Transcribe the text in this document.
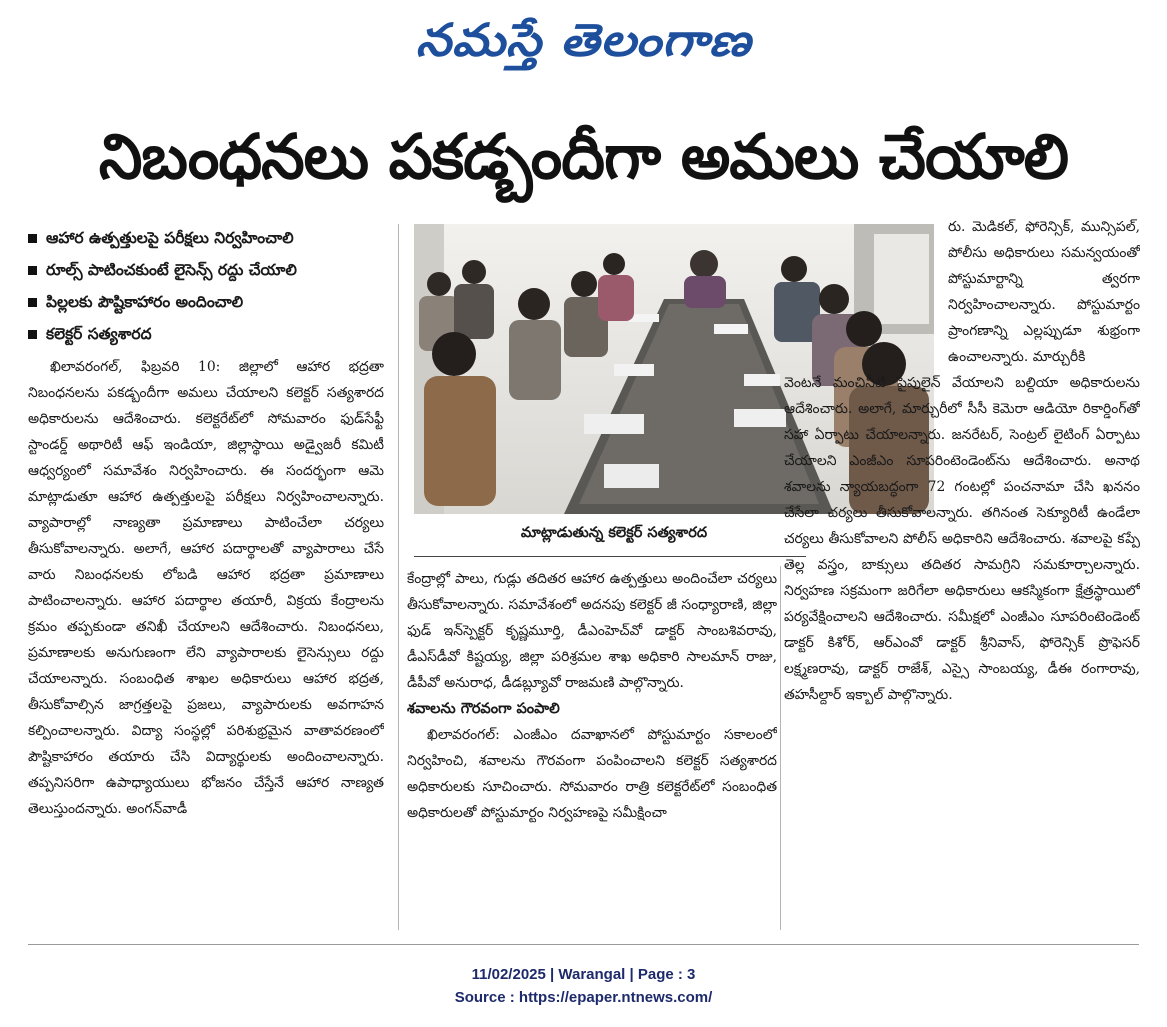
నమస్తే తెలంగాణ
నిబంధనలు పకడ్బందీగా అమలు చేయాలి
ఆహార ఉత్పత్తులపై పరీక్షలు నిర్వహించాలి
రూల్స్ పాటించకుంటే లైసెన్స్ రద్దు చేయాలి
పిల్లలకు పౌష్టికాహారం అందించాలి
కలెక్టర్ సత్యశారద

ఖిలావరంగల్, ఫిబ్రవరి 10: జిల్లాలో ఆహార భద్రతా నిబంధనలను పకడ్బందీగా అమలు చేయాలని కలెక్టర్ సత్యశారద అధికారులను ఆదేశించారు. కలెక్టరేట్‌లో సోమవారం ఫుడ్‌సేఫ్టీ స్టాండర్డ్ అథారిటీ ఆఫ్ ఇండియా, జిల్లాస్థాయి అడ్వైజరీ కమిటీ ఆధ్వర్యంలో సమావేశం నిర్వహించారు. ఈ సందర్భంగా ఆమె మాట్లాడుతూ ఆహార ఉత్పత్తులపై పరీక్షలు నిర్వహించాలన్నారు. వ్యాపారాల్లో నాణ్యతా ప్రమాణాలు పాటించేలా చర్యలు తీసుకోవాలన్నారు. అలాగే, ఆహార పదార్థాలతో వ్యాపారాలు చేసే వారు నిబంధనలకు లోబడి ఆహార భద్రతా ప్రమాణాలు పాటించాలన్నారు. ఆహార పదార్థాల తయారీ, విక్రయ కేంద్రాలను క్రమం తప్పకుండా తనిఖీ చేయాలని ఆదేశించారు. నిబంధనలు, ప్రమాణాలకు అనుగుణంగా లేని వ్యాపారాలకు లైసెన్సులు రద్దు చేయాలన్నారు. సంబంధిత శాఖల అధికారులు ఆహార భద్రత, తీసుకోవాల్సిన జాగ్రత్తలపై ప్రజలు, వ్యాపారులకు అవగాహన కల్పించాలన్నారు. విద్యా సంస్థల్లో పరిశుభ్రమైన వాతావరణంలో పౌష్టికాహారం తయారు చేసి విద్యార్థులకు అందించాలన్నారు. తప్పనిసరిగా ఉపాధ్యాయులు భోజనం చేస్తేనే ఆహార నాణ్యత తెలుస్తుందన్నారు. అంగన్‌వాడీ

మాట్లాడుతున్న కలెక్టర్ సత్యశారద

కేంద్రాల్లో పాలు, గుడ్లు తదితర ఆహార ఉత్పత్తులు అందించేలా చర్యలు తీసుకోవాలన్నారు. సమావేశంలో అదనపు కలెక్టర్ జీ సంధ్యారాణి, జిల్లా ఫుడ్ ఇన్‌స్పెక్టర్ కృష్ణమూర్తి, డీఎంహెచ్‌వో డాక్టర్ సాంబశివరావు, డీఎస్‌డీవో కిష్టయ్య, జిల్లా పరిశ్రమల శాఖ అధికారి సాలమాన్ రాజు, డీపీవో అనురాధ, డీడబ్ల్యూవో రాజమణి పాల్గొన్నారు.

శవాలను గౌరవంగా పంపాలి

ఖిలావరంగల్: ఎంజీఎం దవాఖానలో పోస్టుమార్టం సకాలంలో నిర్వహించి, శవాలను గౌరవంగా పంపించాలని కలెక్టర్ సత్యశారద అధికారులకు సూచించారు. సోమవారం రాత్రి కలెక్టరేట్‌లో సంబంధిత అధికారులతో పోస్టుమార్టం నిర్వహణపై సమీక్షించా

రు. మెడికల్, ఫోరెన్సిక్, మున్సిపల్, పోలీసు అధికారులు సమన్వయంతో పోస్టుమార్టాన్ని త్వరగా నిర్వహించాలన్నారు. పోస్టుమార్టం ప్రాంగణాన్ని ఎల్లప్పుడూ శుభ్రంగా ఉంచాలన్నారు. మార్చురీకి

వెంటనే మంచినీటి పైపులైన్ వేయాలని బల్దియా అధికారులను ఆదేశించారు. అలాగే, మార్చురీలో సీసీ కెమెరా ఆడియో రికార్డింగ్‌తో సహా ఏర్పాటు చేయాలన్నారు. జనరేటర్, సెంట్రల్ లైటింగ్ ఏర్పాటు చేయాలని ఎంజీఎం సూపరింటెండెంట్‌ను ఆదేశించారు. అనాథ శవాలను న్యాయబద్ధంగా 72 గంటల్లో పంచనామా చేసి ఖననం చేసేలా చర్యలు తీసుకోవాలన్నారు. తగినంత సెక్యూరిటీ ఉండేలా చర్యలు తీసుకోవాలని పోలీస్ అధికారిని ఆదేశించారు. శవాలపై కప్పే తెల్ల వస్త్రం, బాక్సులు తదితర సామగ్రిని సమకూర్చాలన్నారు. నిర్వహణ సక్రమంగా జరిగేలా అధికారులు ఆకస్మికంగా క్షేత్రస్థాయిలో పర్యవేక్షించాలని ఆదేశించారు. సమీక్షలో ఎంజీఎం సూపరింటెండెంట్ డాక్టర్ కిశోర్, ఆర్‌ఎంవో డాక్టర్ శ్రీనివాస్, ఫోరెన్సిక్ ప్రొఫెసర్ లక్ష్మణరావు, డాక్టర్ రాజేశ్, ఎస్సై సాంబయ్య, డీఈ రంగారావు, తహసీల్దార్ ఇక్బాల్ పాల్గొన్నారు.

11/02/2025 | Warangal | Page : 3
Source : https://epaper.ntnews.com/
